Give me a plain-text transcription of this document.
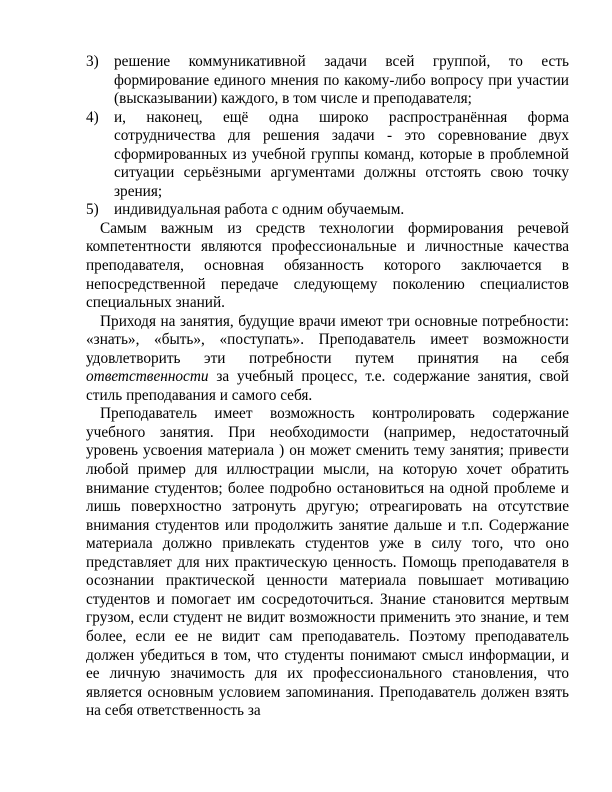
3) решение коммуникативной задачи всей группой, то есть формирование единого мнения по какому-либо вопросу при участии (высказывании) каждого, в том числе и преподавателя;
4) и, наконец, ещё одна широко распространённая форма сотрудничества для решения задачи - это соревнование двух сформированных из учебной группы команд, которые в проблемной ситуации серьёзными аргументами должны отстоять свою точку зрения;
5) индивидуальная работа с одним обучаемым.

Самым важным из средств технологии формирования речевой компетентности являются профессиональные и личностные качества преподавателя, основная обязанность которого заключается в непосредственной передаче следующему поколению специалистов специальных знаний.

Приходя на занятия, будущие врачи имеют три основные потребности: «знать», «быть», «поступать». Преподаватель имеет возможности удовлетворить эти потребности путем принятия на себя ответственности за учебный процесс, т.е. содержание занятия, свой стиль преподавания и самого себя.

Преподаватель имеет возможность контролировать содержание учебного занятия. При необходимости (например, недостаточный уровень усвоения материала ) он может сменить тему занятия; привести любой пример для иллюстрации мысли, на которую хочет обратить внимание студентов; более подробно остановиться на одной проблеме и лишь поверхностно затронуть другую; отреагировать на отсутствие внимания студентов или продолжить занятие дальше и т.п. Содержание материала должно привлекать студентов уже в силу того, что оно представляет для них практическую ценность. Помощь преподавателя в осознании практической ценности материала повышает мотивацию студентов и помогает им сосредоточиться. Знание становится мертвым грузом, если студент не видит возможности применить это знание, и тем более, если ее не видит сам преподаватель. Поэтому преподаватель должен убедиться в том, что студенты понимают смысл информации, и ее личную значимость для их профессионального становления, что является основным условием запоминания. Преподаватель должен взять на себя ответственность за
